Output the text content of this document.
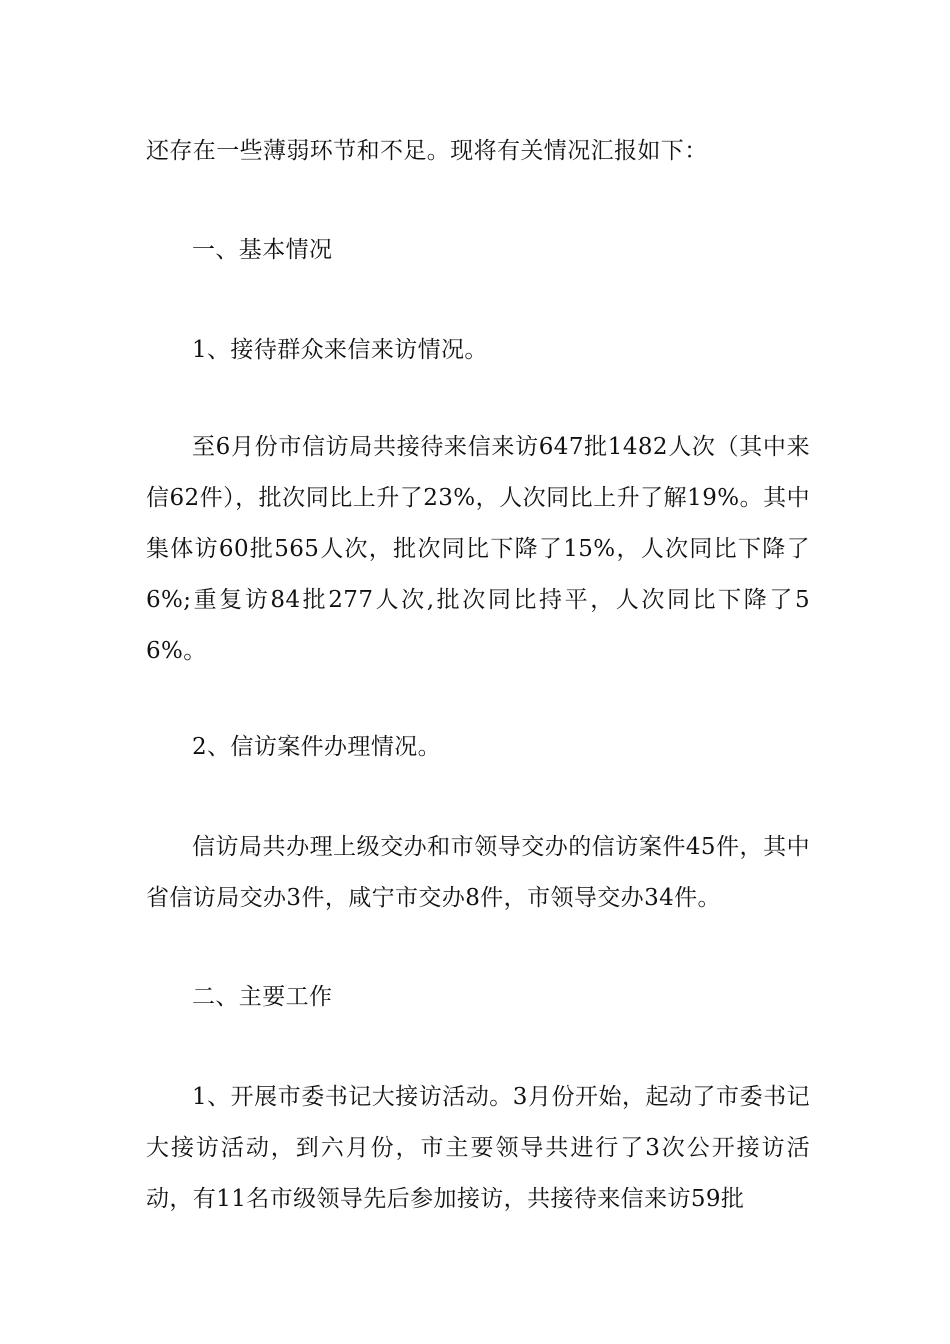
还存在一些薄弱环节和不足。现将有关情况汇报如下：

一、基本情况

1、接待群众来信来访情况。

至6月份市信访局共接待来信来访647批1482人次（其中来信62件），批次同比上升了23%，人次同比上升了解19%。其中集体访60批565人次，批次同比下降了15%，人次同比下降了6%;重复访84批277人次,批次同比持平，人次同比下降了56%。

2、信访案件办理情况。

信访局共办理上级交办和市领导交办的信访案件45件，其中省信访局交办3件，咸宁市交办8件，市领导交办34件。

二、主要工作

1、开展市委书记大接访活动。3月份开始，起动了市委书记大接访活动，到六月份，市主要领导共进行了3次公开接访活动，有11名市级领导先后参加接访，共接待来信来访59批
